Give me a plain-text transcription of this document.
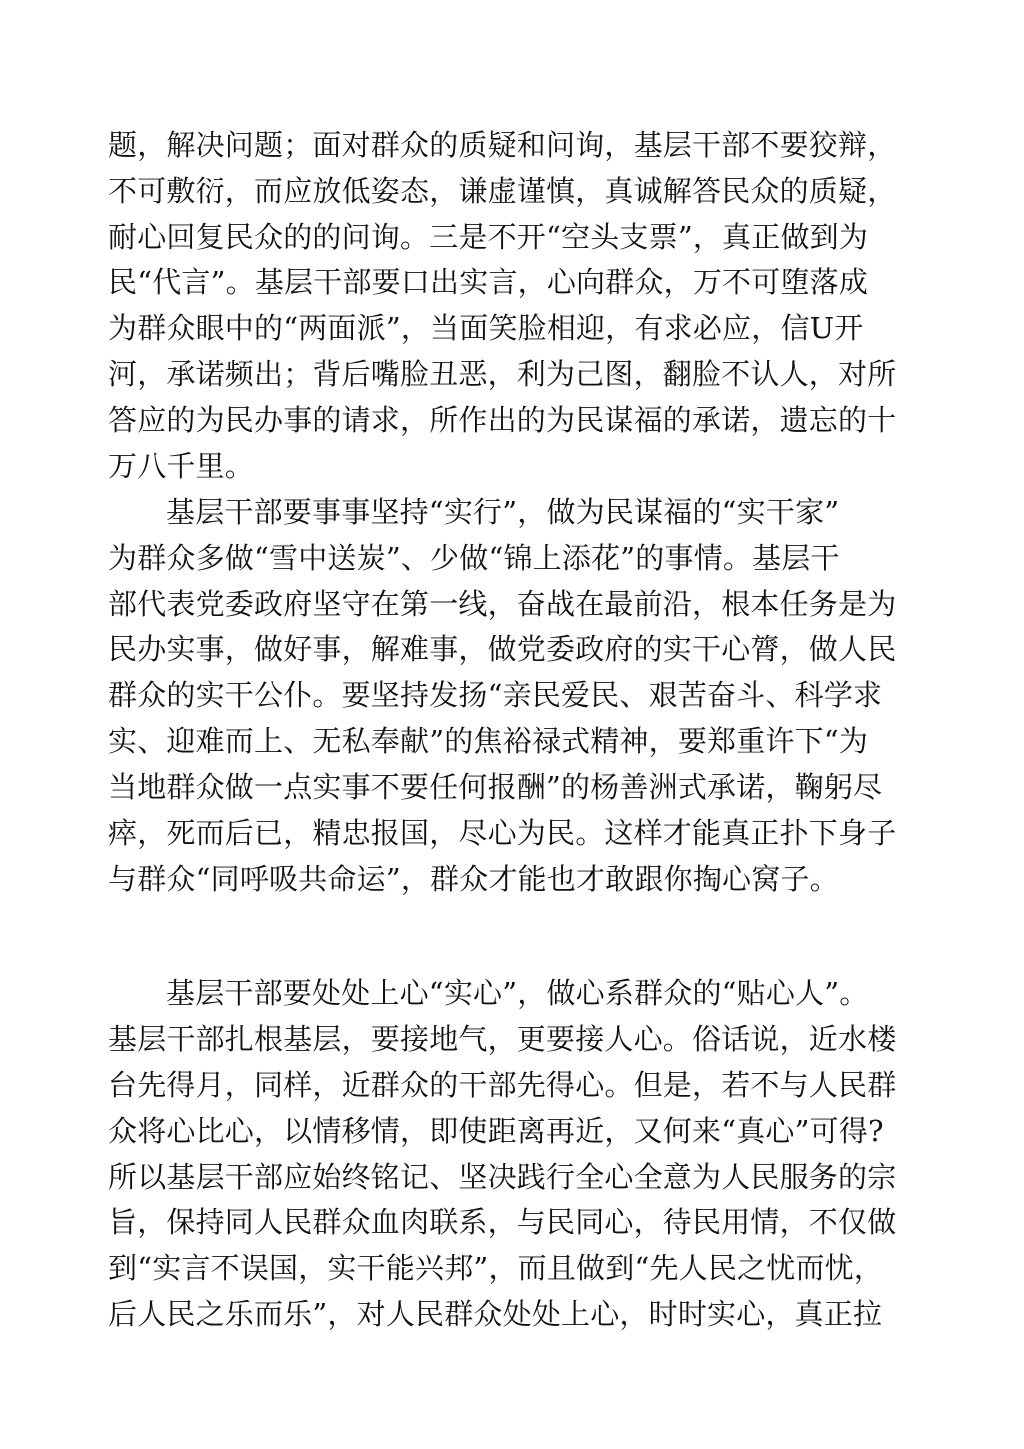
题，解决问题；面对群众的质疑和问询，基层干部不要狡辩，
不可敷衍，而应放低姿态，谦虚谨慎，真诚解答民众的质疑，
耐心回复民众的的问询。三是不开“空头支票”，真正做到为
民“代言”。基层干部要口出实言，心向群众，万不可堕落成
为群众眼中的“两面派”，当面笑脸相迎，有求必应，信U开
河，承诺频出；背后嘴脸丑恶，利为己图，翻脸不认人，对所
答应的为民办事的请求，所作出的为民谋福的承诺，遗忘的十
万八千里。
基层干部要事事坚持“实行”，做为民谋福的“实干家”
为群众多做“雪中送炭”、少做“锦上添花”的事情。基层干
部代表党委政府坚守在第一线，奋战在最前沿，根本任务是为
民办实事，做好事，解难事，做党委政府的实干心膂，做人民
群众的实干公仆。要坚持发扬“亲民爱民、艰苦奋斗、科学求
实、迎难而上、无私奉献”的焦裕禄式精神，要郑重许下“为
当地群众做一点实事不要任何报酬”的杨善洲式承诺，鞠躬尽
瘁，死而后已，精忠报国，尽心为民。这样才能真正扑下身子
与群众“同呼吸共命运”，群众才能也才敢跟你掏心窝子。
基层干部要处处上心“实心”，做心系群众的“贴心人”。
基层干部扎根基层，要接地气，更要接人心。俗话说，近水楼
台先得月，同样，近群众的干部先得心。但是，若不与人民群
众将心比心，以情移情，即使距离再近，又何来“真心”可得?
所以基层干部应始终铭记、坚决践行全心全意为人民服务的宗
旨，保持同人民群众血肉联系，与民同心，待民用情，不仅做
到“实言不误国，实干能兴邦”，而且做到“先人民之忧而忧，
后人民之乐而乐”，对人民群众处处上心，时时实心，真正拉
